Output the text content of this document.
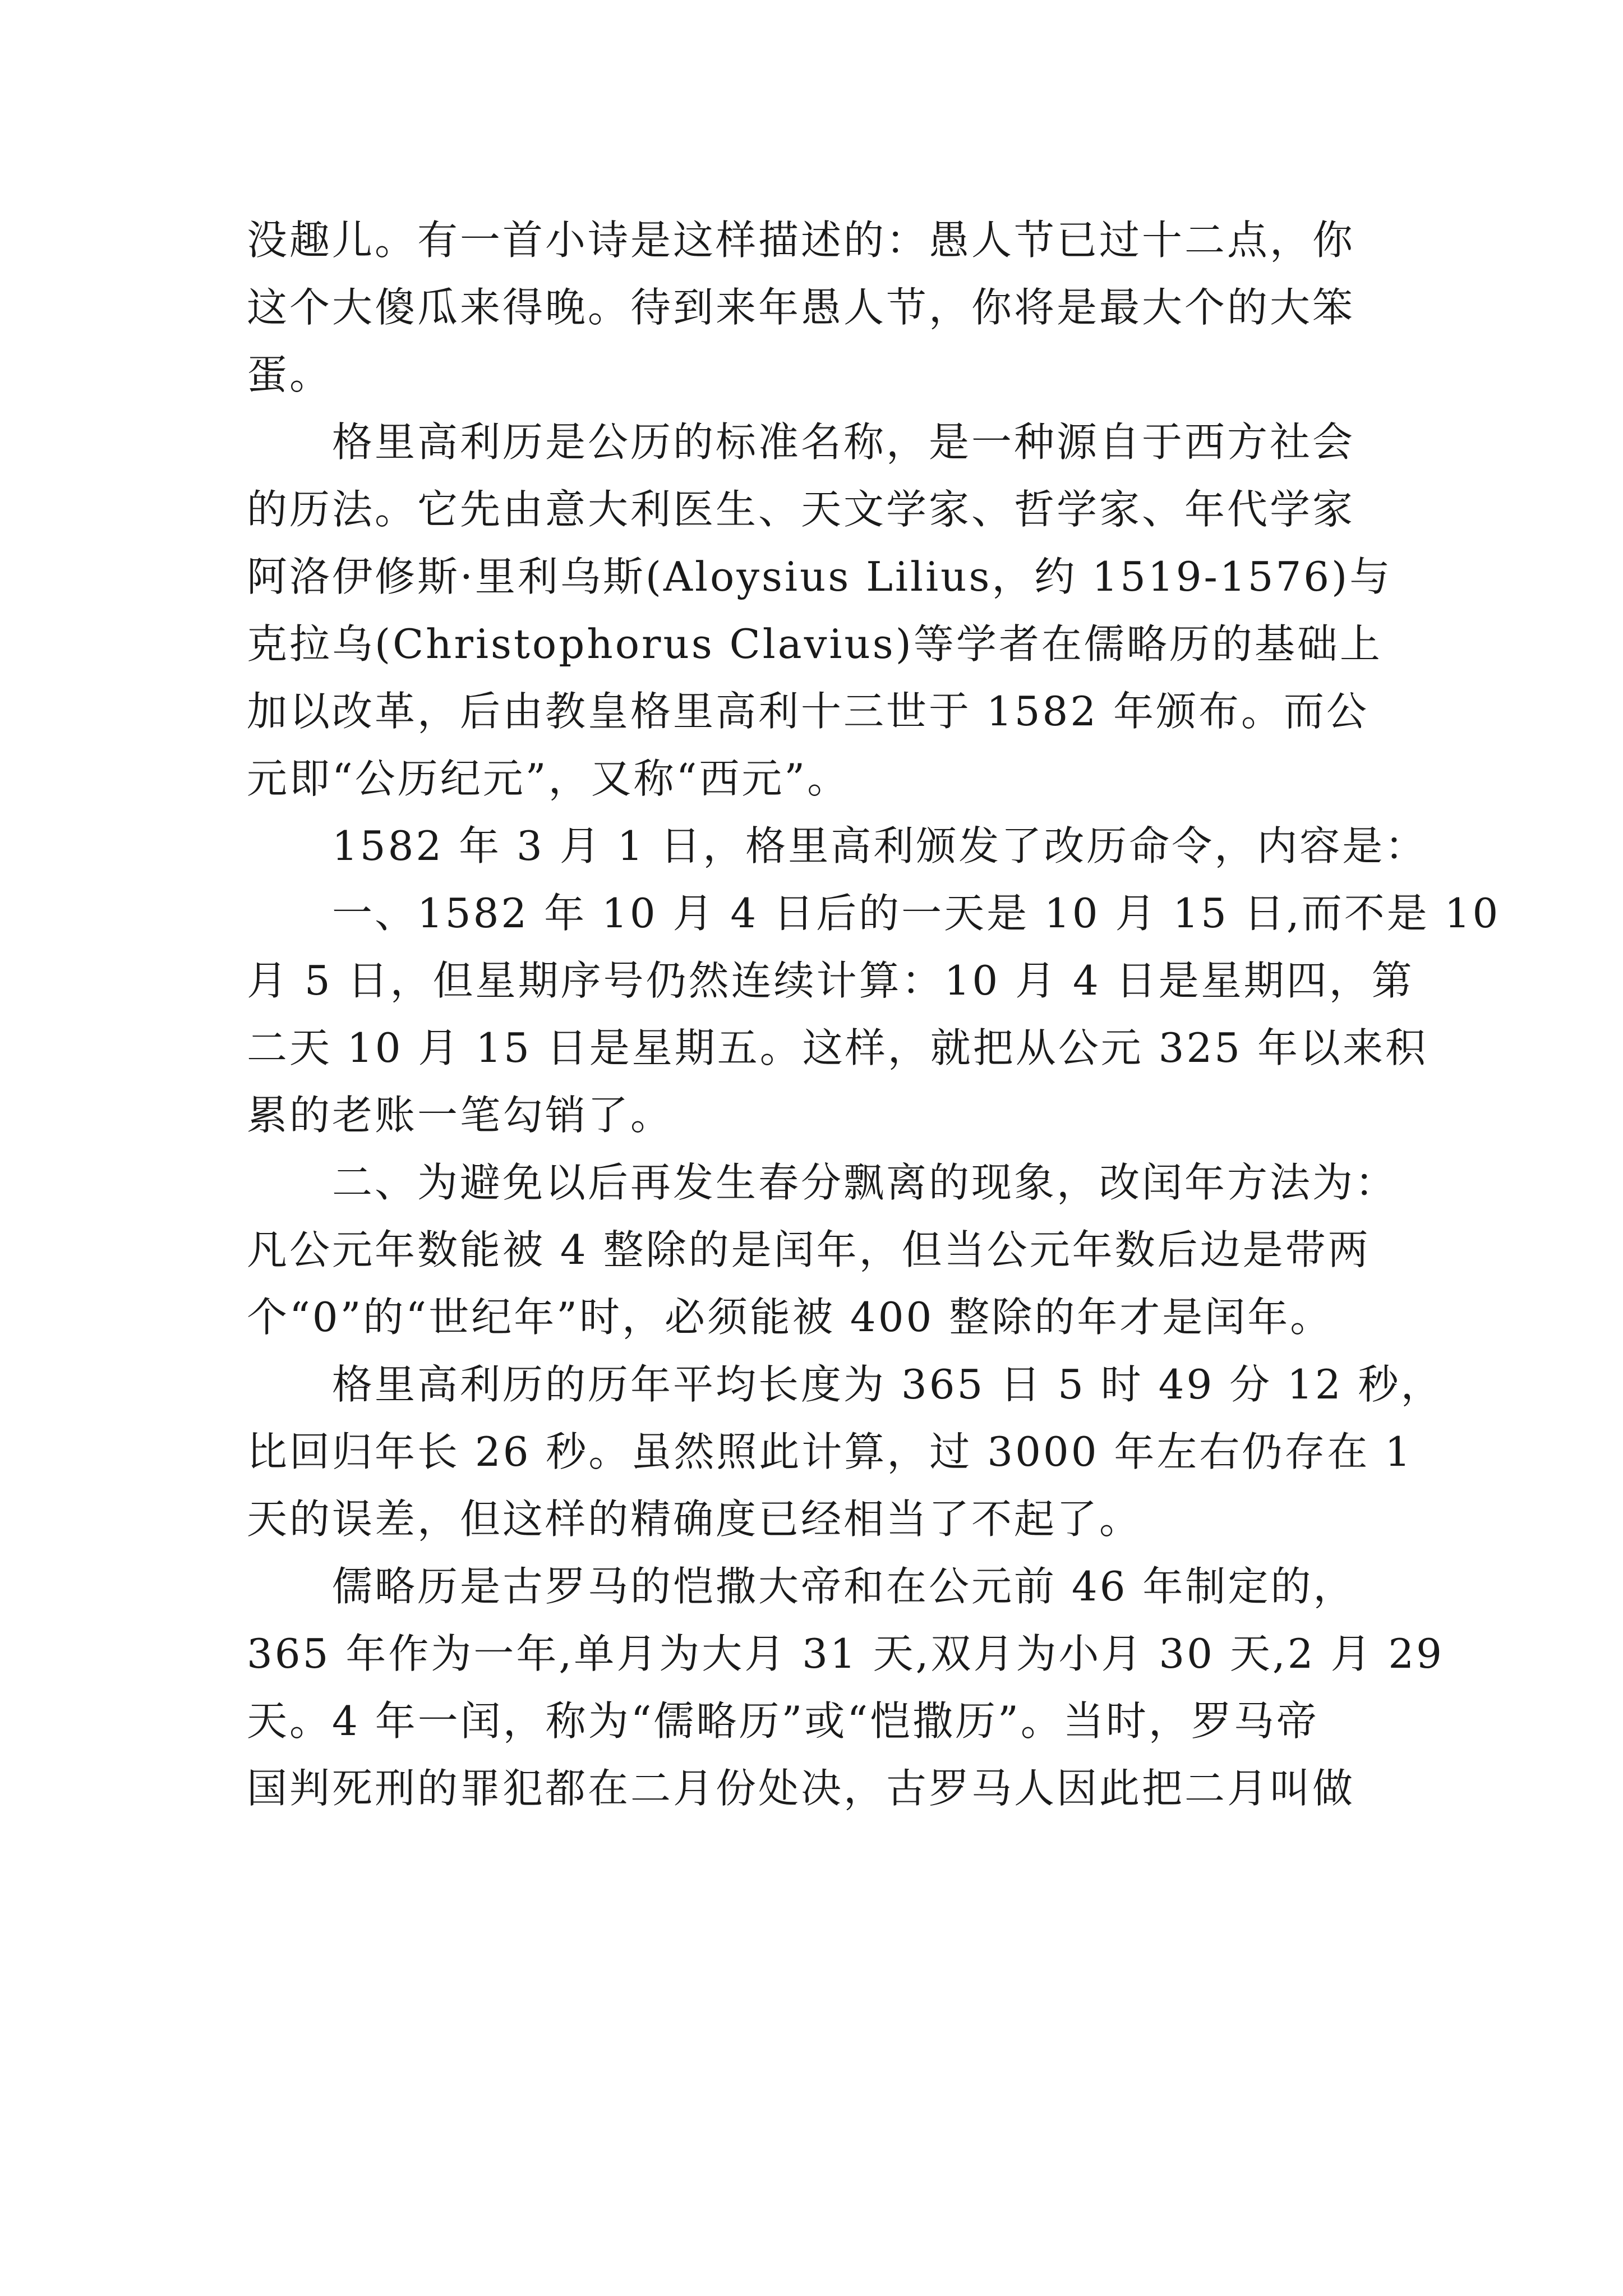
没趣儿。有一首小诗是这样描述的：愚人节已过十二点，你
这个大傻瓜来得晚。待到来年愚人节，你将是最大个的大笨
蛋。
格里高利历是公历的标准名称，是一种源自于西方社会
的历法。它先由意大利医生、天文学家、哲学家、年代学家
阿洛伊修斯·里利乌斯(Aloysius Lilius，约 1519-1576)与
克拉乌(Christophorus Clavius)等学者在儒略历的基础上
加以改革，后由教皇格里高利十三世于 1582 年颁布。而公
元即“公历纪元”，又称“西元”。
1582 年 3 月 1 日，格里高利颁发了改历命令，内容是：
一、1582 年 10 月 4 日后的一天是 10 月 15 日,而不是 10
月 5 日，但星期序号仍然连续计算：10 月 4 日是星期四，第
二天 10 月 15 日是星期五。这样，就把从公元 325 年以来积
累的老账一笔勾销了。
二、为避免以后再发生春分飘离的现象，改闰年方法为：
凡公元年数能被 4 整除的是闰年，但当公元年数后边是带两
个“0”的“世纪年”时，必须能被 400 整除的年才是闰年。
格里高利历的历年平均长度为 365 日 5 时 49 分 12 秒，
比回归年长 26 秒。虽然照此计算，过 3000 年左右仍存在 1
天的误差，但这样的精确度已经相当了不起了。
儒略历是古罗马的恺撒大帝和在公元前 46 年制定的，
365 年作为一年,单月为大月 31 天,双月为小月 30 天,2 月 29
天。4 年一闰，称为“儒略历”或“恺撒历”。当时，罗马帝
国判死刑的罪犯都在二月份处决，古罗马人因此把二月叫做
